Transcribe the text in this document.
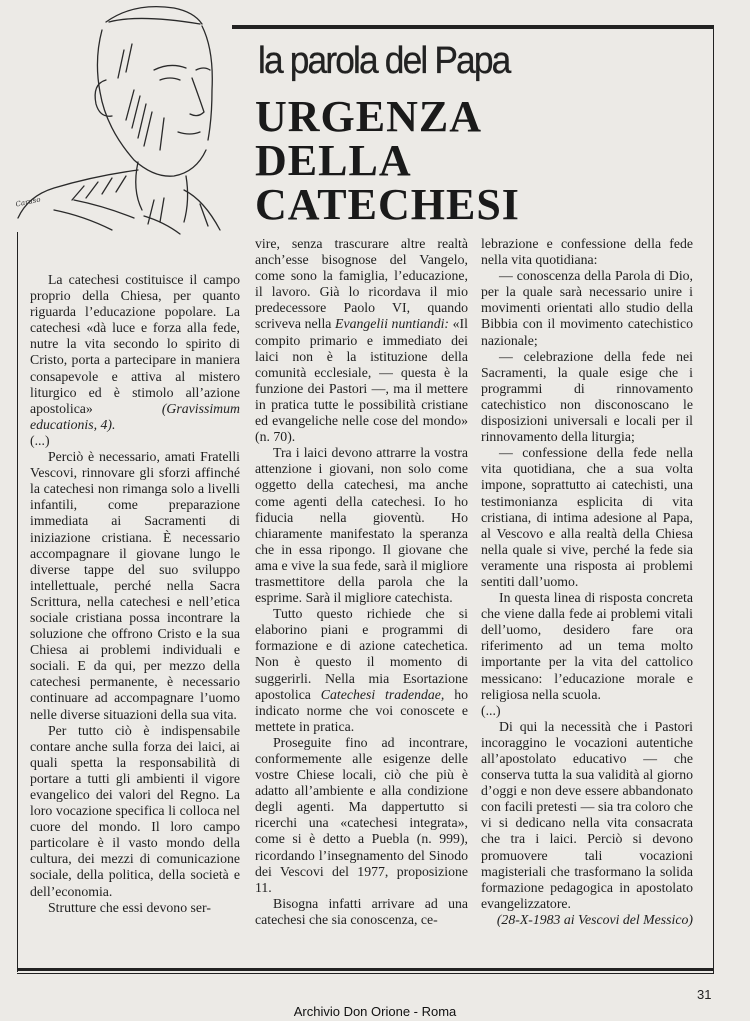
Caruso
la parola del Papa
URGENZA
DELLA
CATECHESI

La catechesi costituisce il campo proprio della Chiesa, per quanto riguarda l’educazione popolare. La catechesi «dà luce e forza alla fede, nutre la vita secondo lo spirito di Cristo, porta a partecipare in maniera consapevole e attiva al mistero liturgico ed è stimolo all’azione apostolica»	(Gravissimum educationis, 4).

(...)

Perciò è necessario, amati Fratelli Vescovi, rinnovare gli sforzi affinché la catechesi non rimanga solo a livelli infantili, come preparazione immediata ai Sacramenti di iniziazione cristiana. È necessario accompagnare il giovane lungo le diverse tappe del suo sviluppo intellettuale, perché nella Sacra Scrittura, nella catechesi e nell’etica sociale cristiana possa incontrare la soluzione che offrono Cristo e la sua Chiesa ai problemi individuali e sociali. E da qui, per mezzo della catechesi permanente, è necessario continuare ad accompagnare l’uomo nelle diverse situazioni della sua vita.

Per tutto ciò è indispensabile contare anche sulla forza dei laici, ai quali spetta la responsabilità di portare a tutti gli ambienti il vigore evangelico dei valori del Regno. La loro vocazione specifica li colloca nel cuore del mondo. Il loro campo particolare è il vasto mondo della cultura, dei mezzi di comunicazione sociale, della politica, della società e dell’economia.

Strutture che essi devono ser-

vire, senza trascurare altre realtà anch’esse bisognose del Vangelo, come sono la famiglia, l’educazione, il lavoro. Già lo ricordava il mio predecessore Paolo VI, quando scriveva nella Evangelii nuntiandi: «Il compito primario e immediato dei laici non è la istituzione della comunità ecclesiale, — questa è la funzione dei Pastori —, ma il mettere in pratica tutte le possibilità cristiane ed evangeliche nelle cose del mondo» (n. 70).

Tra i laici devono attrarre la vostra attenzione i giovani, non solo come oggetto della catechesi, ma anche come agenti della catechesi. Io ho fiducia nella gioventù. Ho chiaramente manifestato la speranza che in essa ripongo. Il giovane che ama e vive la sua fede, sarà il migliore trasmettitore della parola che la esprime. Sarà il migliore catechista.

Tutto questo richiede che si elaborino piani e programmi di formazione e di azione catechetica. Non è questo il momento di suggerirli. Nella mia Esortazione apostolica Catechesi tradendae, ho indicato norme che voi conoscete e mettete in pratica.

Proseguite fino ad incontrare, conformemente alle esigenze delle vostre Chiese locali, ciò che più è adatto all’ambiente e alla condizione degli agenti. Ma dappertutto si ricerchi una «catechesi integrata», come si è detto a Puebla (n. 999), ricordando l’insegnamento del Sinodo dei Vescovi del 1977, proposizione 11.

Bisogna infatti arrivare ad una catechesi che sia conoscenza, ce-

lebrazione e confessione della fede nella vita quotidiana:

— conoscenza della Parola di Dio, per la quale sarà necessario unire i movimenti orientati allo studio della Bibbia con il movimento catechistico nazionale;

— celebrazione della fede nei Sacramenti, la quale esige che i programmi di rinnovamento catechistico non disconoscano le disposizioni universali e locali per il rinnovamento della liturgia;

— confessione della fede nella vita quotidiana, che a sua volta impone, soprattutto ai catechisti, una testimonianza esplicita di vita cristiana, di intima adesione al Papa, al Vescovo e alla realtà della Chiesa nella quale si vive, perché la fede sia veramente una risposta ai problemi sentiti dall’uomo.

In questa linea di risposta concreta che viene dalla fede ai problemi vitali dell’uomo, desidero fare ora riferimento ad un tema molto importante per la vita del cattolico messicano: l’educazione morale e religiosa nella scuola.

(...)

Di qui la necessità che i Pastori incoraggino le vocazioni autentiche all’apostolato educativo — che conserva tutta la sua validità al giorno d’oggi e non deve essere abbandonato con facili pretesti — sia tra coloro che vi si dedicano nella vita consacrata che tra i laici. Perciò si devono promuovere tali vocazioni magisteriali che trasformano la solida formazione pedagogica in apostolato evangelizzatore.

(28-X-1983 ai Vescovi del Messico)

31
Archivio Don Orione - Roma
